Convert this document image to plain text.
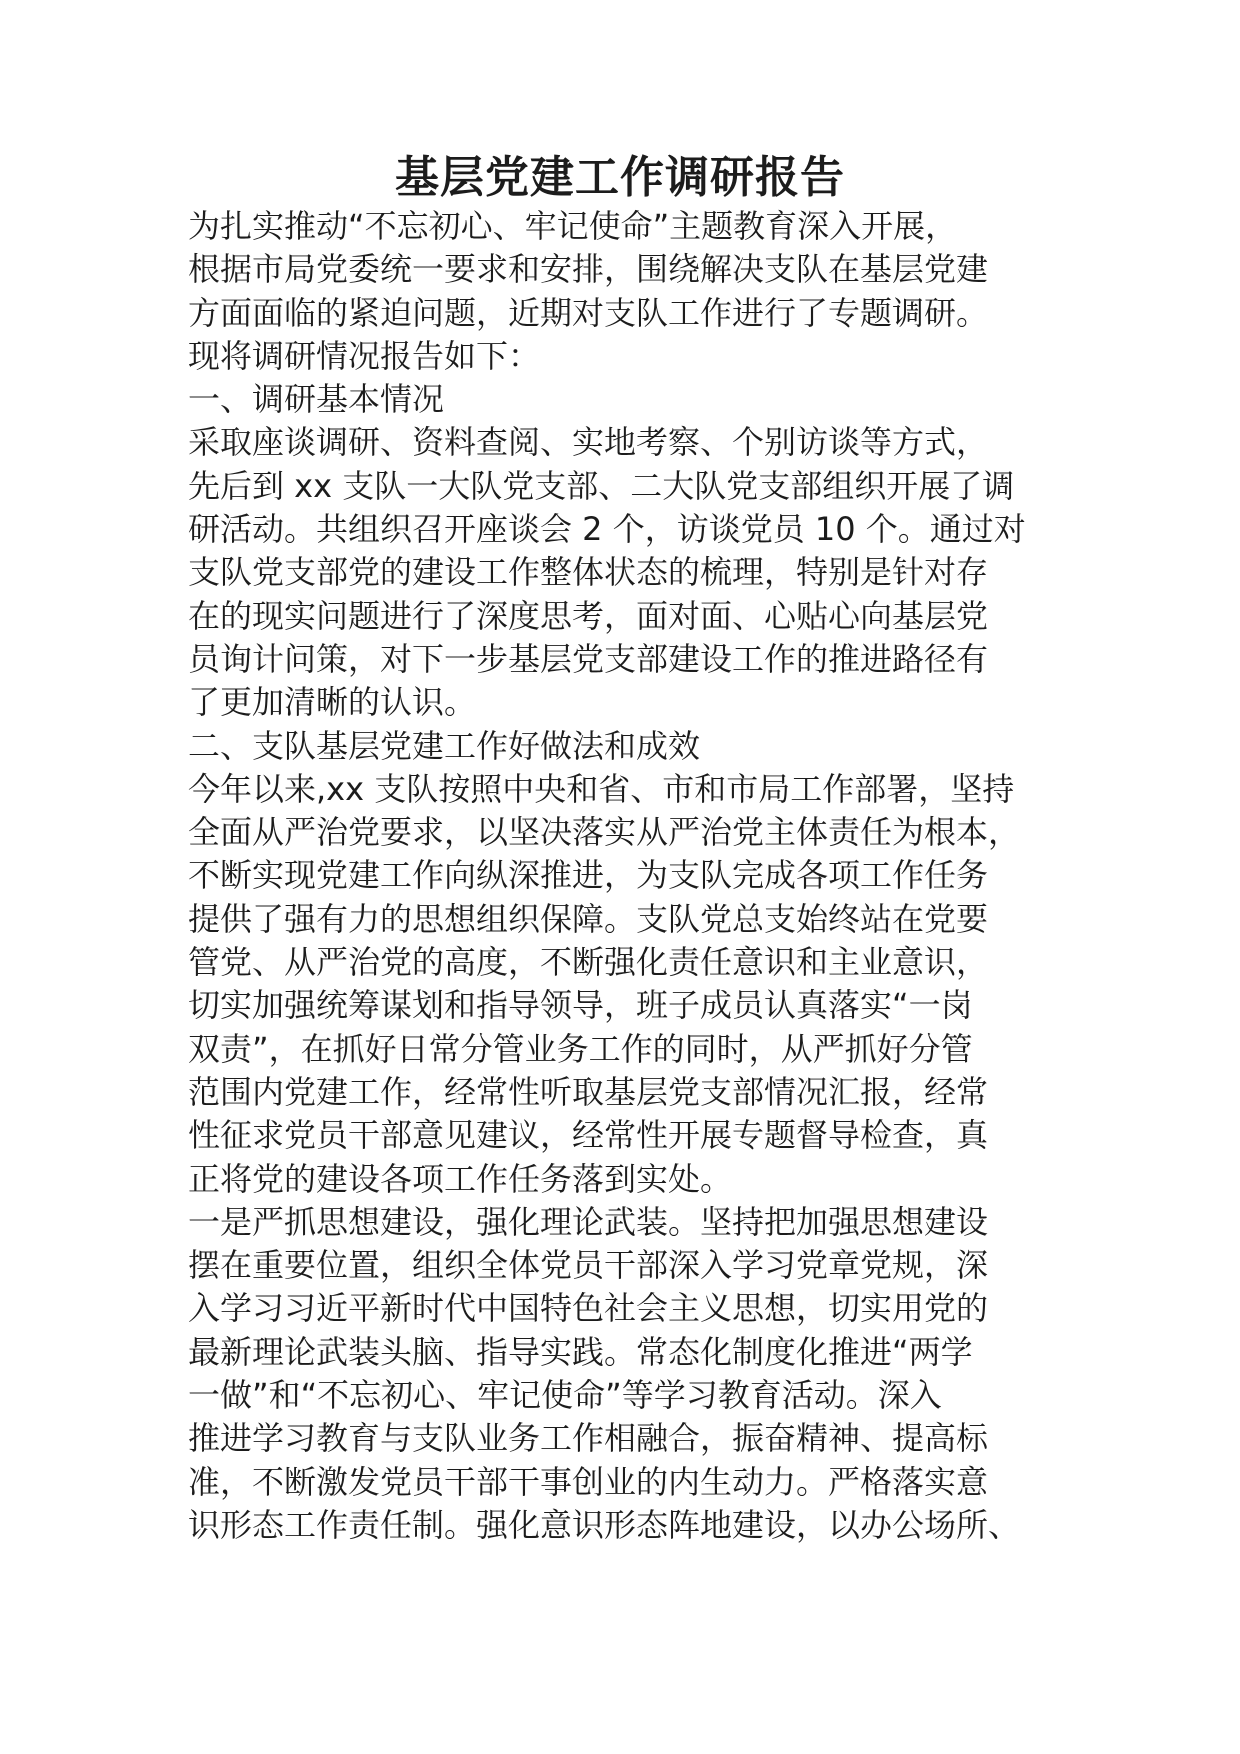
基层党建工作调研报告
为扎实推动“不忘初心、牢记使命”主题教育深入开展，
根据市局党委统一要求和安排，围绕解决支队在基层党建
方面面临的紧迫问题，近期对支队工作进行了专题调研。
现将调研情况报告如下：
一、调研基本情况
采取座谈调研、资料查阅、实地考察、个别访谈等方式，
先后到 xx 支队一大队党支部、二大队党支部组织开展了调
研活动。共组织召开座谈会 2 个，访谈党员 10 个。通过对
支队党支部党的建设工作整体状态的梳理，特别是针对存
在的现实问题进行了深度思考，面对面、心贴心向基层党
员询计问策，对下一步基层党支部建设工作的推进路径有
了更加清晰的认识。
二、支队基层党建工作好做法和成效
今年以来,xx 支队按照中央和省、市和市局工作部署，坚持
全面从严治党要求，以坚决落实从严治党主体责任为根本，
不断实现党建工作向纵深推进，为支队完成各项工作任务
提供了强有力的思想组织保障。支队党总支始终站在党要
管党、从严治党的高度，不断强化责任意识和主业意识，
切实加强统筹谋划和指导领导，班子成员认真落实“一岗
双责”，在抓好日常分管业务工作的同时，从严抓好分管
范围内党建工作，经常性听取基层党支部情况汇报，经常
性征求党员干部意见建议，经常性开展专题督导检查，真
正将党的建设各项工作任务落到实处。
一是严抓思想建设，强化理论武装。坚持把加强思想建设
摆在重要位置，组织全体党员干部深入学习党章党规，深
入学习习近平新时代中国特色社会主义思想，切实用党的
最新理论武装头脑、指导实践。常态化制度化推进“两学
一做”和“不忘初心、牢记使命”等学习教育活动。深入
推进学习教育与支队业务工作相融合，振奋精神、提高标
准，不断激发党员干部干事创业的内生动力。严格落实意
识形态工作责任制。强化意识形态阵地建设，以办公场所、
